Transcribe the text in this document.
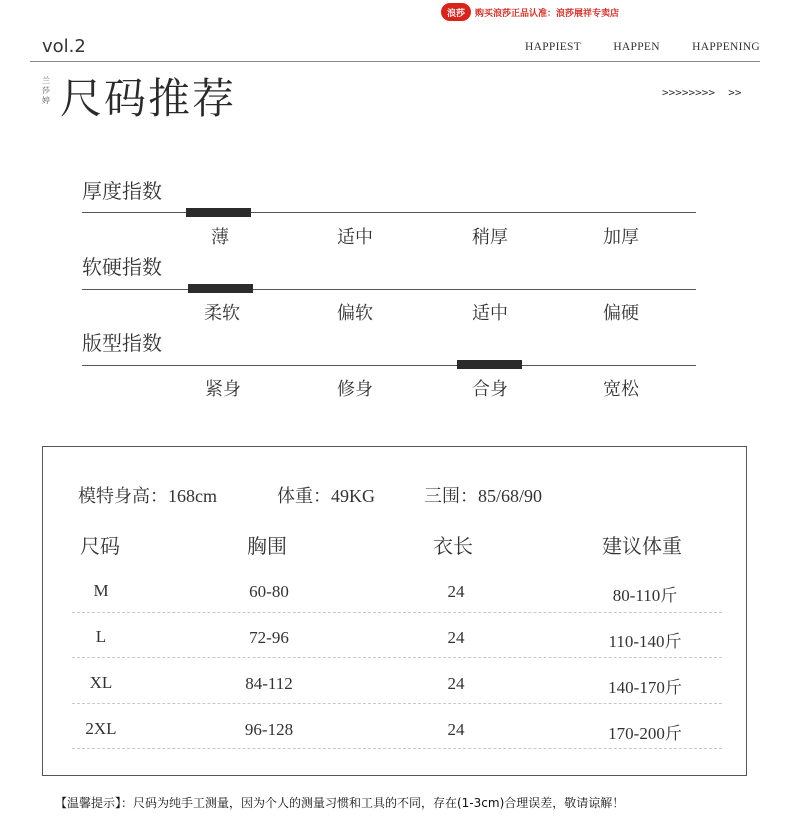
浪莎	购买浪莎正品认准：浪莎展祥专卖店
vol.2	HAPPIEST	HAPPEN	HAPPENING
兰莎婷 尺码推荐	>>>>>>>>  >>
厚度指数
薄	适中	稍厚	加厚
软硬指数
柔软	偏软	适中	偏硬
版型指数
紧身	修身	合身	宽松
模特身高：168cm	体重：49KG	三围：85/68/90
尺码	胸围	衣长	建议体重
M	60-80	24	80-110斤
L	72-96	24	110-140斤
XL	84-112	24	140-170斤
2XL	96-128	24	170-200斤
【温馨提示】：尺码为纯手工测量，因为个人的测量习惯和工具的不同，存在(1-3cm)合理误差，敬请谅解！
